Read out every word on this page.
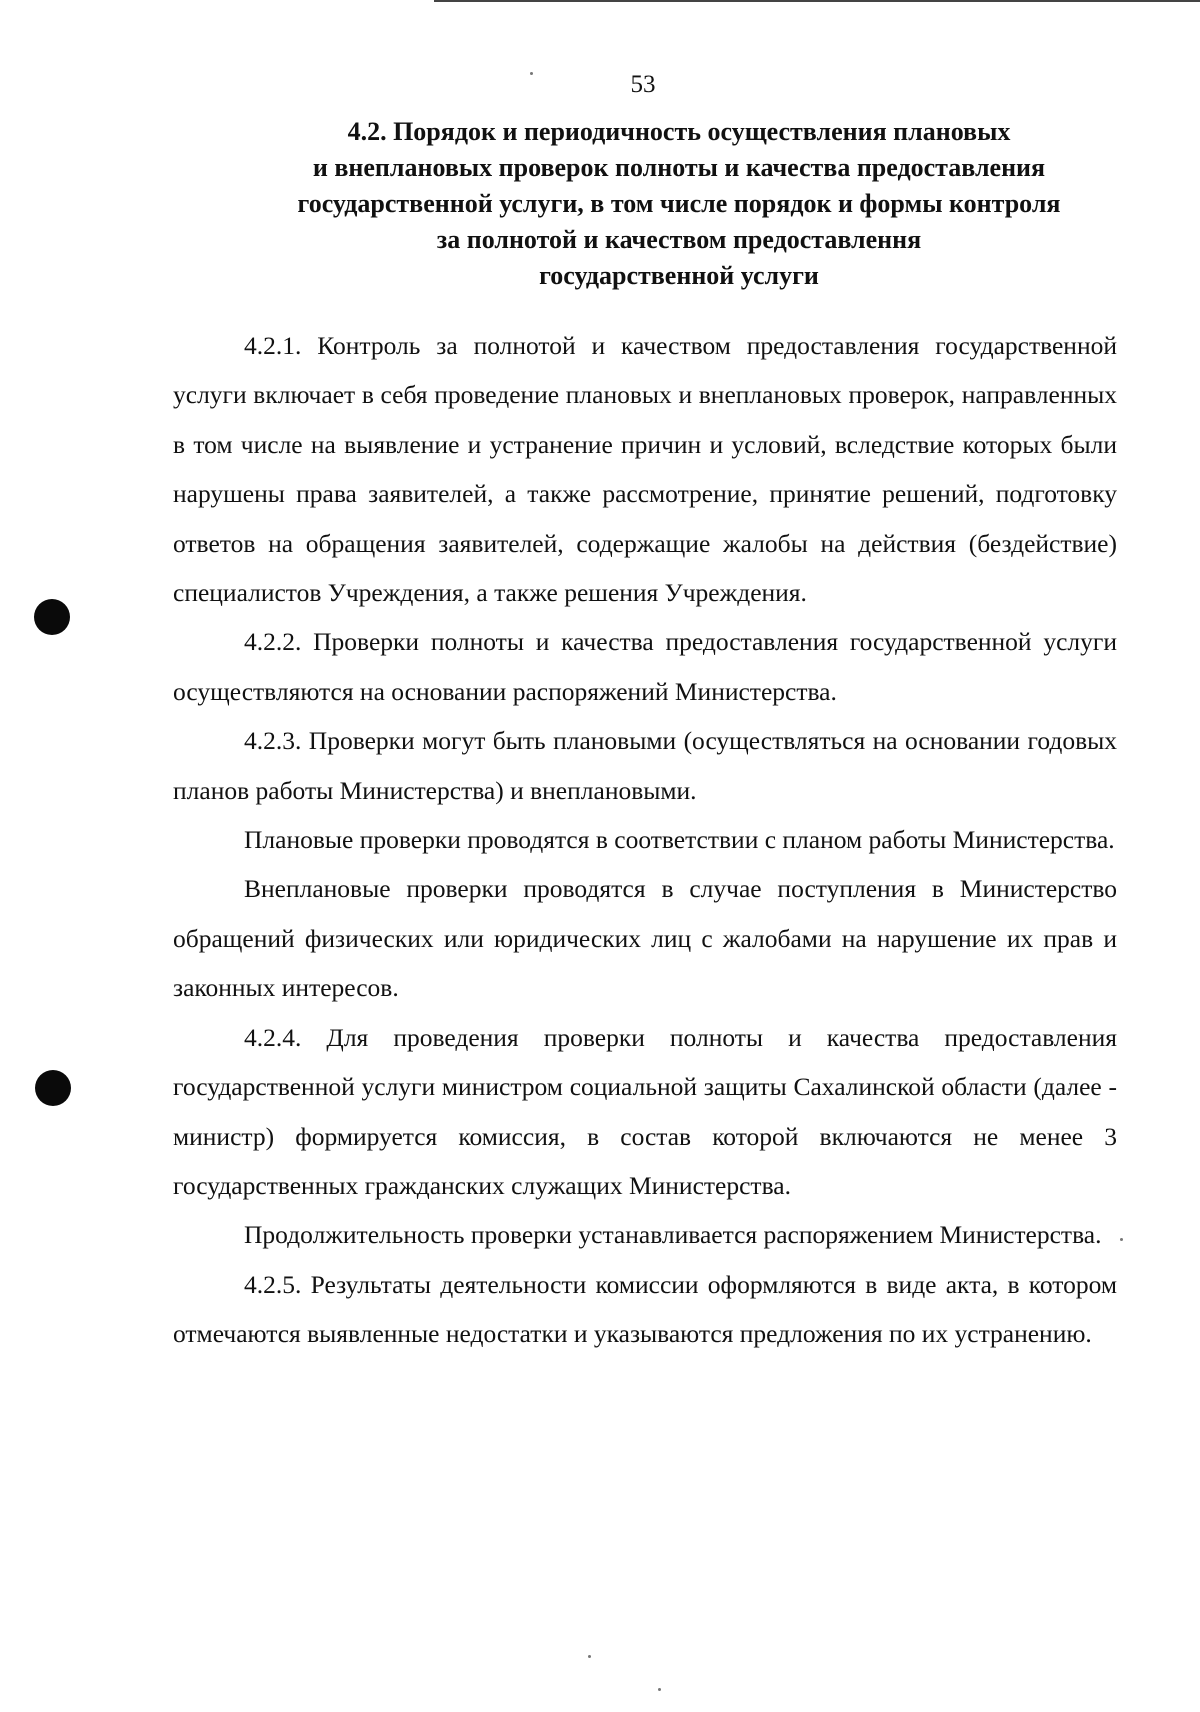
53
4.2. Порядок и периодичность осуществления плановых
и внеплановых проверок полноты и качества предоставления
государственной услуги, в том числе порядок и формы контроля
за полнотой и качеством предоставлення
государственной услуги

4.2.1. Контроль за полнотой и качеством предоставления государственной услуги включает в себя проведение плановых и внеплановых проверок, направленных в том числе на выявление и устранение причин и условий, вследствие которых были нарушены права заявителей, а также рассмотрение, принятие решений, подготовку ответов на обращения заявителей, содержащие жалобы на действия (бездействие) специалистов Учреждения, а также решения Учреждения.

4.2.2. Проверки полноты и качества предоставления государственной услуги осуществляются на основании распоряжений Министерства.

4.2.3. Проверки могут быть плановыми (осуществляться на основании годовых планов работы Министерства) и внеплановыми.

Плановые проверки проводятся в соответствии с планом работы Министерства.

Внеплановые проверки проводятся в случае поступления в Министерство обращений физических или юридических лиц с жалобами на нарушение их прав и законных интересов.

4.2.4. Для проведения проверки полноты и качества предоставления государственной услуги министром социальной защиты Сахалинской области (далее - министр) формируется комиссия, в состав которой включаются не менее 3 государственных гражданских служащих Министерства.

Продолжительность проверки устанавливается распоряжением Министерства.

4.2.5. Результаты деятельности комиссии оформляются в виде акта, в котором отмечаются выявленные недостатки и указываются предложения по их устранению.
